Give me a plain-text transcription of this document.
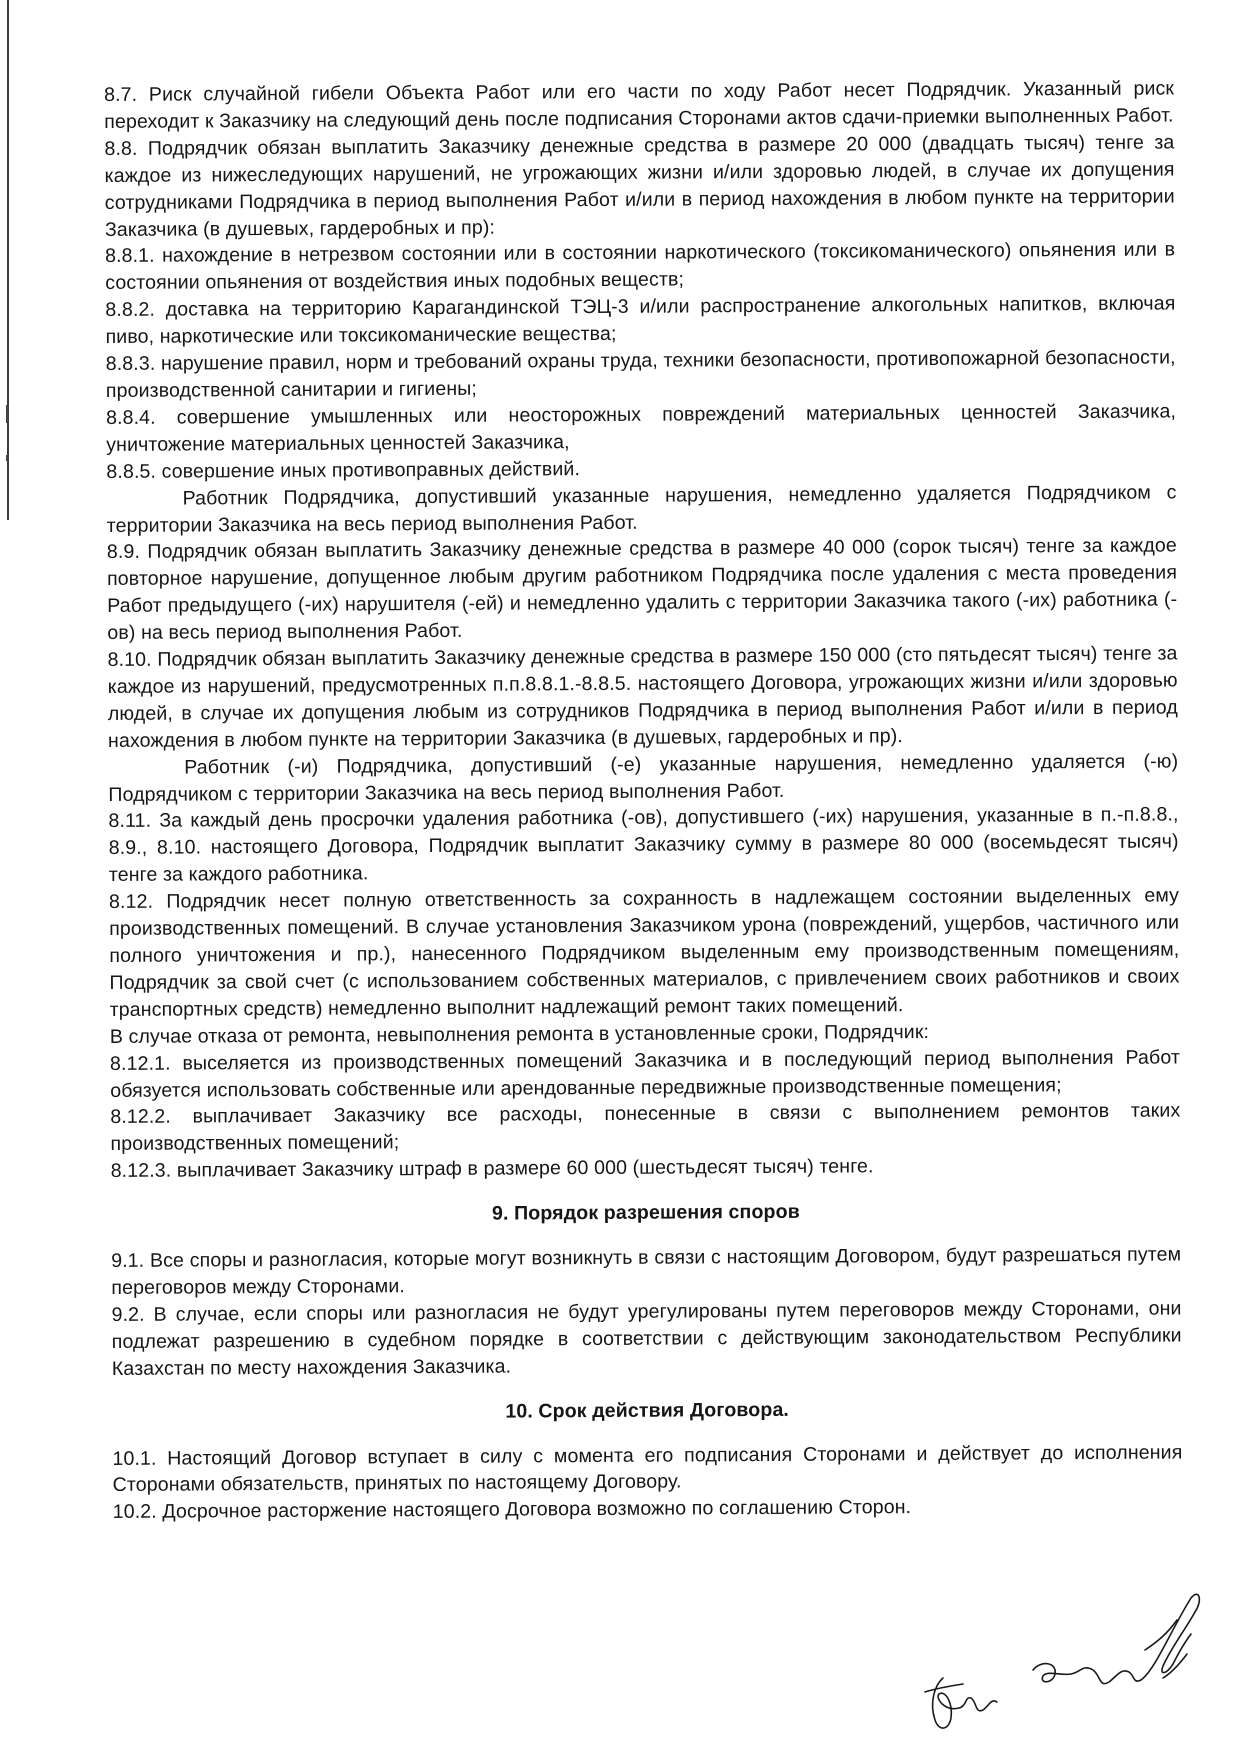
8.7. Риск случайной гибели Объекта Работ или его части по ходу Работ несет Подрядчик. Указанный риск переходит к Заказчику на следующий день после подписания Сторонами актов сдачи-приемки выполненных Работ.

8.8. Подрядчик обязан выплатить Заказчику денежные средства в размере 20 000 (двадцать тысяч) тенге за каждое из нижеследующих нарушений, не угрожающих жизни и/или здоровью людей, в случае их допущения сотрудниками Подрядчика в период выполнения Работ и/или в период нахождения в любом пункте на территории Заказчика (в душевых, гардеробных и пр):

8.8.1. нахождение в нетрезвом состоянии или в состоянии наркотического (токсикоманического) опьянения или в состоянии опьянения от воздействия иных подобных веществ;

8.8.2. доставка на территорию Карагандинской ТЭЦ-3 и/или распространение алкогольных напитков, включая пиво, наркотические или токсикоманические вещества;

8.8.3. нарушение правил, норм и требований охраны труда, техники безопасности, противопожарной безопасности, производственной санитарии и гигиены;

8.8.4. совершение умышленных или неосторожных повреждений материальных ценностей Заказчика, уничтожение материальных ценностей Заказчика,

8.8.5. совершение иных противоправных действий.

Работник Подрядчика, допустивший указанные нарушения, немедленно удаляется Подрядчиком с территории Заказчика на весь период выполнения Работ.

8.9. Подрядчик обязан выплатить Заказчику денежные средства в размере 40 000 (сорок тысяч) тенге за каждое повторное нарушение, допущенное любым другим работником Подрядчика после удаления с места проведения Работ предыдущего (-их) нарушителя (-ей) и немедленно удалить с территории Заказчика такого (-их) работника (-ов) на весь период выполнения Работ.

8.10. Подрядчик обязан выплатить Заказчику денежные средства в размере 150 000 (сто пятьдесят тысяч) тенге за каждое из нарушений, предусмотренных п.п.8.8.1.-8.8.5. настоящего Договора, угрожающих жизни и/или здоровью людей, в случае их допущения любым из сотрудников Подрядчика в период выполнения Работ и/или в период нахождения в любом пункте на территории Заказчика (в душевых, гардеробных и пр).

Работник (-и) Подрядчика, допустивший (-е) указанные нарушения, немедленно удаляется (-ю) Подрядчиком с территории Заказчика на весь период выполнения Работ.

8.11. За каждый день просрочки удаления работника (-ов), допустившего (-их) нарушения, указанные в п.-п.8.8., 8.9., 8.10. настоящего Договора, Подрядчик выплатит Заказчику сумму в размере 80 000 (восемьдесят тысяч) тенге за каждого работника.

8.12. Подрядчик несет полную ответственность за сохранность в надлежащем состоянии выделенных ему производственных помещений. В случае установления Заказчиком урона (повреждений, ущербов, частичного или полного уничтожения и пр.), нанесенного Подрядчиком выделенным ему производственным помещениям, Подрядчик за свой счет (с использованием собственных материалов, с привлечением своих работников и своих транспортных средств) немедленно выполнит надлежащий ремонт таких помещений.

В случае отказа от ремонта, невыполнения ремонта в установленные сроки, Подрядчик:

8.12.1. выселяется из производственных помещений Заказчика и в последующий период выполнения Работ обязуется использовать собственные или арендованные передвижные производственные помещения;

8.12.2. выплачивает Заказчику все расходы, понесенные в связи с выполнением ремонтов таких производственных помещений;

8.12.3. выплачивает Заказчику штраф в размере 60 000 (шестьдесят тысяч) тенге.

9. Порядок разрешения споров

9.1. Все споры и разногласия, которые могут возникнуть в связи с настоящим Договором, будут разрешаться путем переговоров между Сторонами.

9.2. В случае, если споры или разногласия не будут урегулированы путем переговоров между Сторонами, они подлежат разрешению в судебном порядке в соответствии с действующим законодательством Республики Казахстан по месту нахождения Заказчика.

10. Срок действия Договора.

10.1. Настоящий Договор вступает в силу с момента его подписания Сторонами и действует до исполнения Сторонами обязательств, принятых по настоящему Договору.

10.2. Досрочное расторжение настоящего Договора возможно по соглашению Сторон.
